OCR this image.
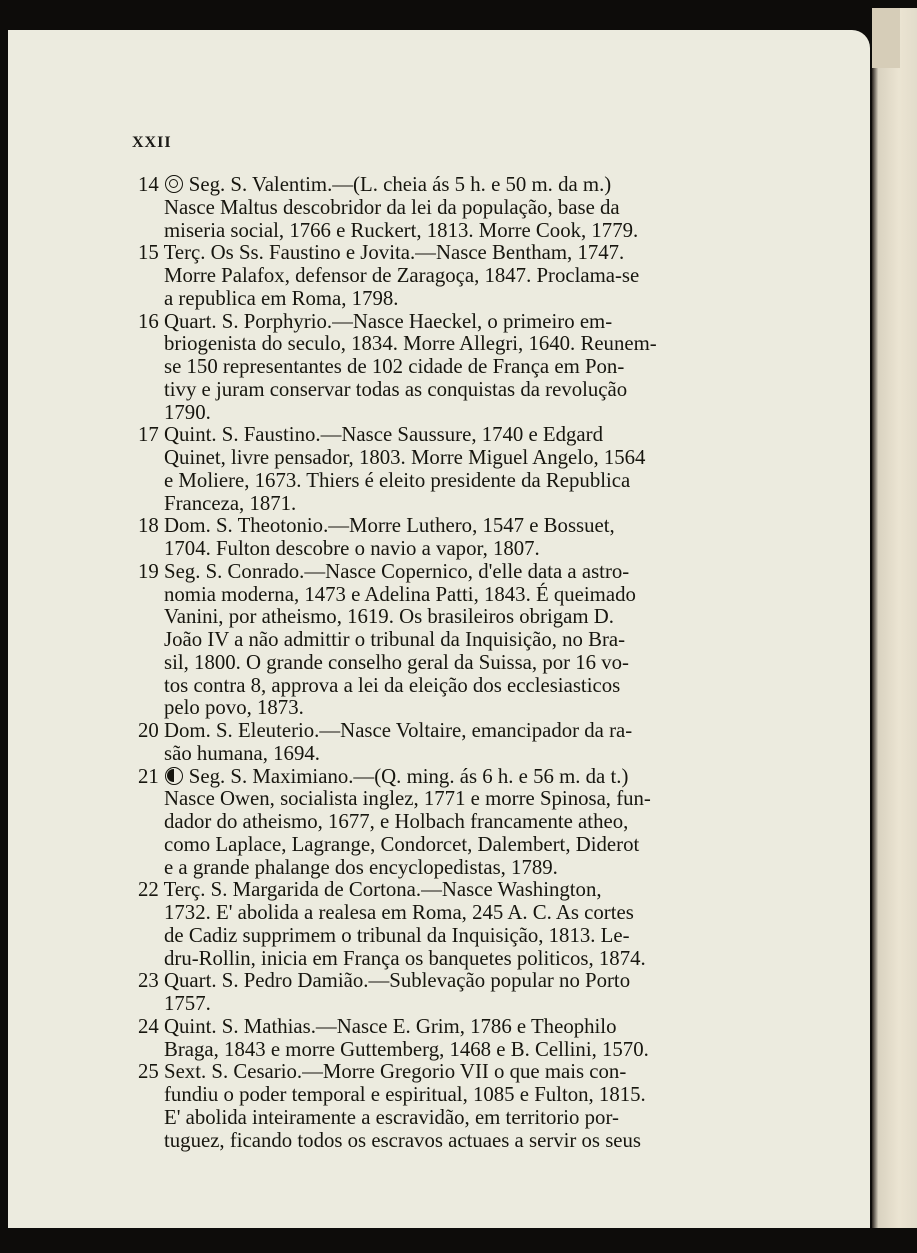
XXII
14 Seg. S. Valentim.—(L. cheia ás 5 h. e 50 m. da m.)
Nasce Maltus descobridor da lei da população, base da
miseria social, 1766 e Ruckert, 1813. Morre Cook, 1779.
15 Terç. Os Ss. Faustino e Jovita.—Nasce Bentham, 1747.
Morre Palafox, defensor de Zaragoça, 1847. Proclama-se
a republica em Roma, 1798.
16 Quart. S. Porphyrio.—Nasce Haeckel, o primeiro em-
briogenista do seculo, 1834. Morre Allegri, 1640. Reunem-
se 150 representantes de 102 cidade de França em Pon-
tivy e juram conservar todas as conquistas da revolução
1790.
17 Quint. S. Faustino.—Nasce Saussure, 1740 e Edgard
Quinet, livre pensador, 1803. Morre Miguel Angelo, 1564
e Moliere, 1673. Thiers é eleito presidente da Republica
Franceza, 1871.
18 Dom. S. Theotonio.—Morre Luthero, 1547 e Bossuet,
1704. Fulton descobre o navio a vapor, 1807.
19 Seg. S. Conrado.—Nasce Copernico, d'elle data a astro-
nomia moderna, 1473 e Adelina Patti, 1843. É queimado
Vanini, por atheismo, 1619. Os brasileiros obrigam D.
João IV a não admittir o tribunal da Inquisição, no Bra-
sil, 1800. O grande conselho geral da Suissa, por 16 vo-
tos contra 8, approva a lei da eleição dos ecclesiasticos
pelo povo, 1873.
20 Dom. S. Eleuterio.—Nasce Voltaire, emancipador da ra-
são humana, 1694.
21 Seg. S. Maximiano.—(Q. ming. ás 6 h. e 56 m. da t.)
Nasce Owen, socialista inglez, 1771 e morre Spinosa, fun-
dador do atheismo, 1677, e Holbach francamente atheo,
como Laplace, Lagrange, Condorcet, Dalembert, Diderot
e a grande phalange dos encyclopedistas, 1789.
22 Terç. S. Margarida de Cortona.—Nasce Washington,
1732. E' abolida a realesa em Roma, 245 A. C. As cortes
de Cadiz supprimem o tribunal da Inquisição, 1813. Le-
dru-Rollin, inicia em França os banquetes politicos, 1874.
23 Quart. S. Pedro Damião.—Sublevação popular no Porto
1757.
24 Quint. S. Mathias.—Nasce E. Grim, 1786 e Theophilo
Braga, 1843 e morre Guttemberg, 1468 e B. Cellini, 1570.
25 Sext. S. Cesario.—Morre Gregorio VII o que mais con-
fundiu o poder temporal e espiritual, 1085 e Fulton, 1815.
E' abolida inteiramente a escravidão, em territorio por-
tuguez, ficando todos os escravos actuaes a servir os seus
